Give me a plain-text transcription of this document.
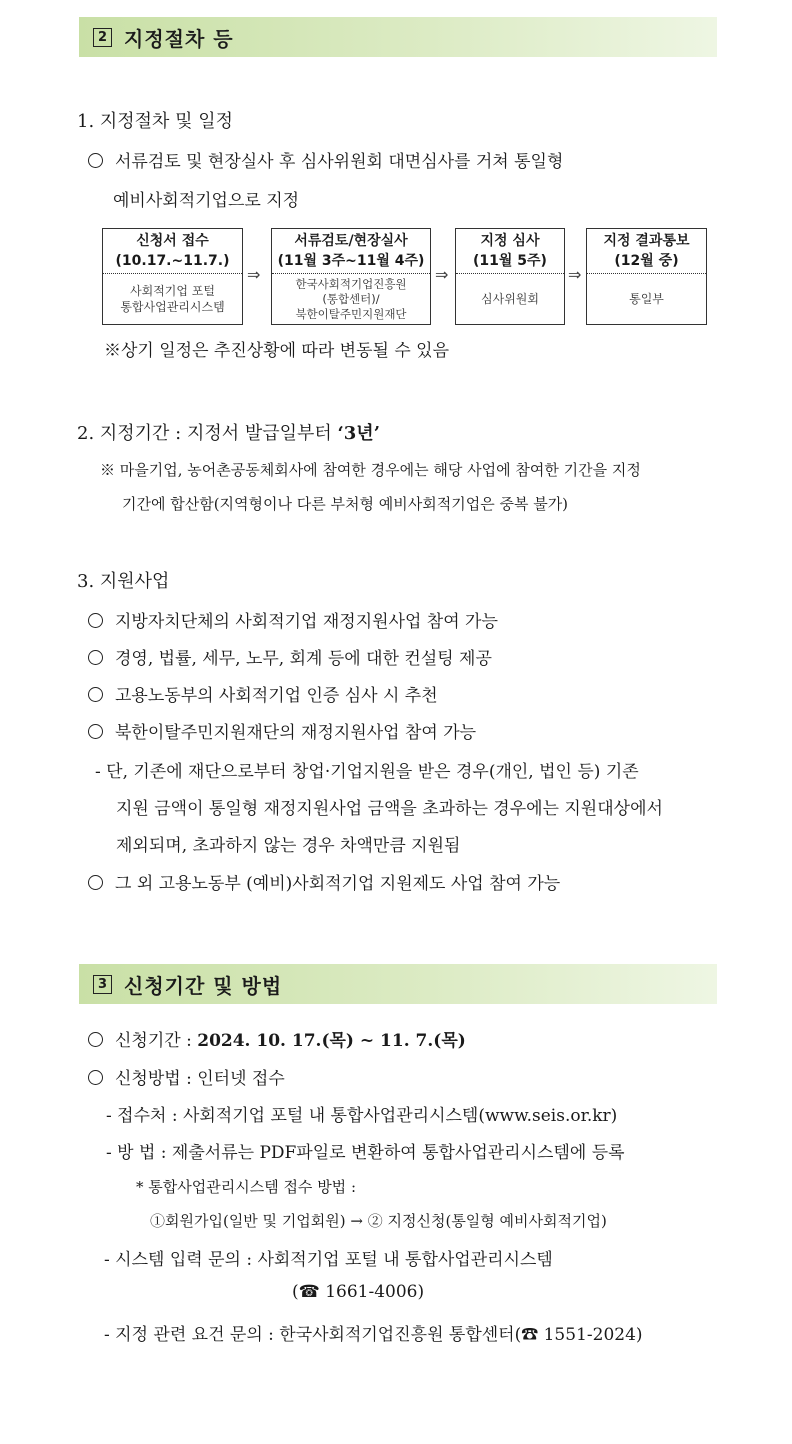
2 지정절차 등
1. 지정절차 및 일정
서류검토 및 현장실사 후 심사위원회 대면심사를 거쳐 통일형
예비사회적기업으로 지정
신청서 접수
(10.17.~11.7.)
사회적기업 포털
통합사업관리시스템
⇒
서류검토/현장실사
(11월 3주~11월 4주)
한국사회적기업진흥원
(통합센터)/
북한이탈주민지원재단
⇒
지정 심사
(11월 5주)
심사위원회
⇒
지정 결과통보
(12월 중)
통일부
※상기 일정은 추진상황에 따라 변동될 수 있음
2. 지정기간 : 지정서 발급일부터 ‘3년’
※ 마을기업, 농어촌공동체회사에 참여한 경우에는 해당 사업에 참여한 기간을 지정
기간에 합산함(지역형이나 다른 부처형 예비사회적기업은 중복 불가)
3. 지원사업
지방자치단체의 사회적기업 재정지원사업 참여 가능
경영, 법률, 세무, 노무, 회계 등에 대한 컨설팅 제공
고용노동부의 사회적기업 인증 심사 시 추천
북한이탈주민지원재단의 재정지원사업 참여 가능
- 단, 기존에 재단으로부터 창업·기업지원을 받은 경우(개인, 법인 등) 기존
지원 금액이 통일형 재정지원사업 금액을 초과하는 경우에는 지원대상에서
제외되며, 초과하지 않는 경우 차액만큼 지원됨
그 외 고용노동부 (예비)사회적기업 지원제도 사업 참여 가능
3 신청기간 및 방법
신청기간 : 2024. 10. 17.(목) ~ 11. 7.(목)
신청방법 : 인터넷 접수
- 접수처 : 사회적기업 포털 내 통합사업관리시스템(www.seis.or.kr)
- 방 법 : 제출서류는 PDF파일로 변환하여 통합사업관리시스템에 등록
* 통합사업관리시스템 접수 방법 :
①회원가입(일반 및 기업회원) → ② 지정신청(통일형 예비사회적기업)
- 시스템 입력 문의 : 사회적기업 포털 내 통합사업관리시스템
(☎ 1661-4006)
- 지정 관련 요건 문의 : 한국사회적기업진흥원 통합센터(☎ 1551-2024)
